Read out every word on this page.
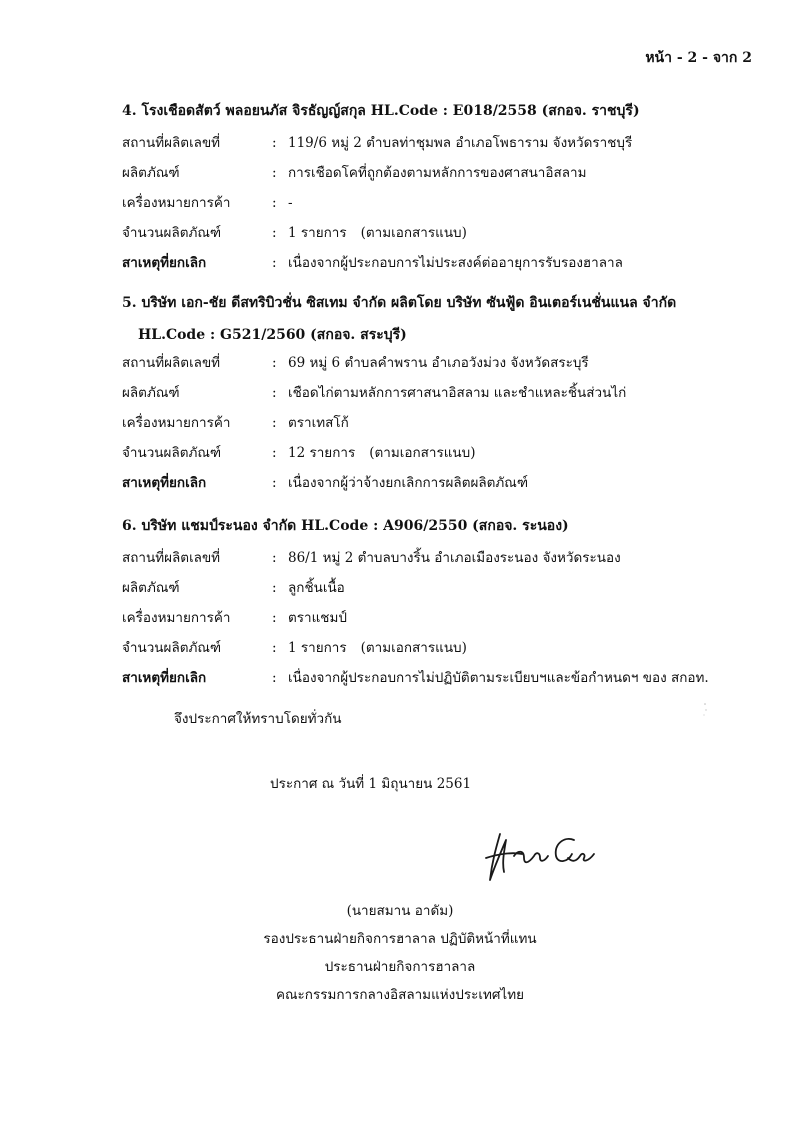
หน้า - 2 - จาก 2
4. โรงเชือดสัตว์ พลอยนภัส จิรธัญญ์สกุล HL.Code : E018/2558 (สกอจ. ราชบุรี)
สถานที่ผลิตเลขที่	: 119/6 หมู่ 2 ตำบลท่าชุมพล อำเภอโพธาราม จังหวัดราชบุรี
ผลิตภัณฑ์	: การเชือดโคที่ถูกต้องตามหลักการของศาสนาอิสลาม
เครื่องหมายการค้า	: -
จำนวนผลิตภัณฑ์	: 1 รายการ (ตามเอกสารแนบ)
สาเหตุที่ยกเลิก	: เนื่องจากผู้ประกอบการไม่ประสงค์ต่ออายุการรับรองฮาลาล
5. บริษัท เอก-ชัย ดีสทริบิวชั่น ซิสเทม จำกัด ผลิตโดย บริษัท ซันฟู้ด อินเตอร์เนชั่นแนล จำกัด
HL.Code : G521/2560 (สกอจ. สระบุรี)
สถานที่ผลิตเลขที่	: 69 หมู่ 6 ตำบลคำพราน อำเภอวังม่วง จังหวัดสระบุรี
ผลิตภัณฑ์	: เชือดไก่ตามหลักการศาสนาอิสลาม และชำแหละชิ้นส่วนไก่
เครื่องหมายการค้า	: ตราเทสโก้
จำนวนผลิตภัณฑ์	: 12 รายการ (ตามเอกสารแนบ)
สาเหตุที่ยกเลิก	: เนื่องจากผู้ว่าจ้างยกเลิกการผลิตผลิตภัณฑ์
6. บริษัท แชมป์ระนอง จำกัด HL.Code : A906/2550 (สกอจ. ระนอง)
สถานที่ผลิตเลขที่	: 86/1 หมู่ 2 ตำบลบางริ้น อำเภอเมืองระนอง จังหวัดระนอง
ผลิตภัณฑ์	: ลูกชิ้นเนื้อ
เครื่องหมายการค้า	: ตราแชมป์
จำนวนผลิตภัณฑ์	: 1 รายการ (ตามเอกสารแนบ)
สาเหตุที่ยกเลิก	: เนื่องจากผู้ประกอบการไม่ปฏิบัติตามระเบียบฯและข้อกำหนดฯ ของ สกอท.
จึงประกาศให้ทราบโดยทั่วกัน
ประกาศ ณ วันที่ 1 มิถุนายน 2561
(นายสมาน อาดัม)
รองประธานฝ่ายกิจการฮาลาล ปฏิบัติหน้าที่แทน
ประธานฝ่ายกิจการฮาลาล
คณะกรรมการกลางอิสลามแห่งประเทศไทย
